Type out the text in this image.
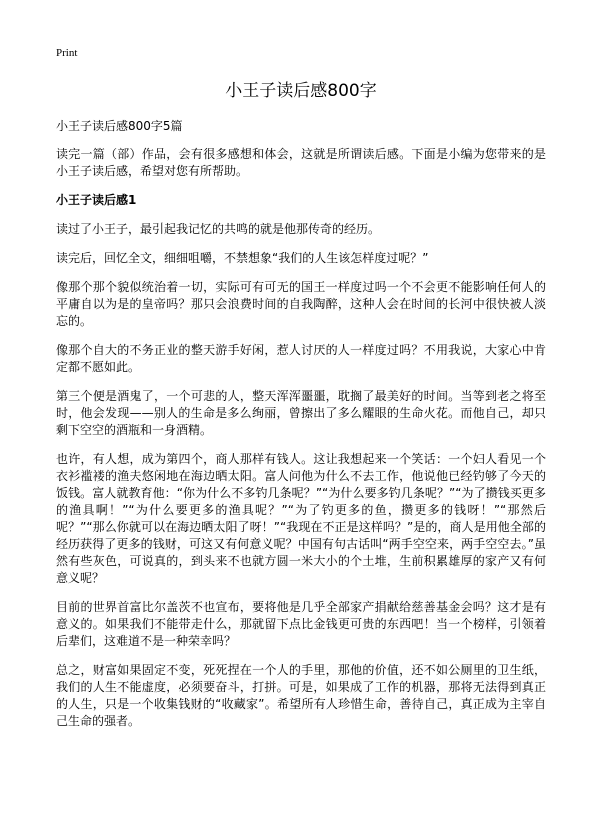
Print
小王子读后感800字
小王子读后感800字5篇

读完一篇（部）作品，会有很多感想和体会，这就是所谓读后感。下面是小编为您带来的是小王子读后感，希望对您有所帮助。

小王子读后感1

读过了小王子，最引起我记忆的共鸣的就是他那传奇的经历。

读完后，回忆全文，细细咀嚼，不禁想象“我们的人生该怎样度过呢？”

像那个那个貌似统治着一切，实际可有可无的国王一样度过吗一个不会更不能影响任何人的平庸自以为是的皇帝吗？那只会浪费时间的自我陶醉，这种人会在时间的长河中很快被人淡忘的。

像那个自大的不务正业的整天游手好闲，惹人讨厌的人一样度过吗？不用我说，大家心中肯定都不愿如此。

第三个便是酒鬼了，一个可悲的人，整天浑浑噩噩，耽搁了最美好的时间。当等到老之将至时，他会发现——别人的生命是多么绚丽，曾擦出了多么耀眼的生命火花。而他自己，却只剩下空空的酒瓶和一身酒精。

也许，有人想，成为第四个，商人那样有钱人。这让我想起来一个笑话：一个妇人看见一个衣衫褴褛的渔夫悠闲地在海边晒太阳。富人问他为什么不去工作，他说他已经钓够了今天的饭钱。富人就教育他：“你为什么不多钓几条呢？”“为什么要多钓几条呢？”“为了攒钱买更多的渔具啊！”“为什么要更多的渔具呢？”“为了钓更多的鱼，攒更多的钱呀！”“那然后呢？”“那么你就可以在海边晒太阳了呀！”“我现在不正是这样吗？”是的，商人是用他全部的经历获得了更多的钱财，可这又有何意义呢？中国有句古话叫“两手空空来，两手空空去。”虽然有些灰色，可说真的，到头来不也就方圆一米大小的个土堆，生前积累雄厚的家产又有何意义呢？

目前的世界首富比尔盖茨不也宣布，要将他是几乎全部家产捐献给慈善基金会吗？这才是有意义的。如果我们不能带走什么，那就留下点比金钱更可贵的东西吧！当一个榜样，引领着后辈们，这难道不是一种荣幸吗？

总之，财富如果固定不变，死死捏在一个人的手里，那他的价值，还不如公厕里的卫生纸，我们的人生不能虚度，必须要奋斗，打拼。可是，如果成了工作的机器，那将无法得到真正的人生，只是一个收集钱财的“收藏家”。希望所有人珍惜生命，善待自己，真正成为主宰自己生命的强者。
